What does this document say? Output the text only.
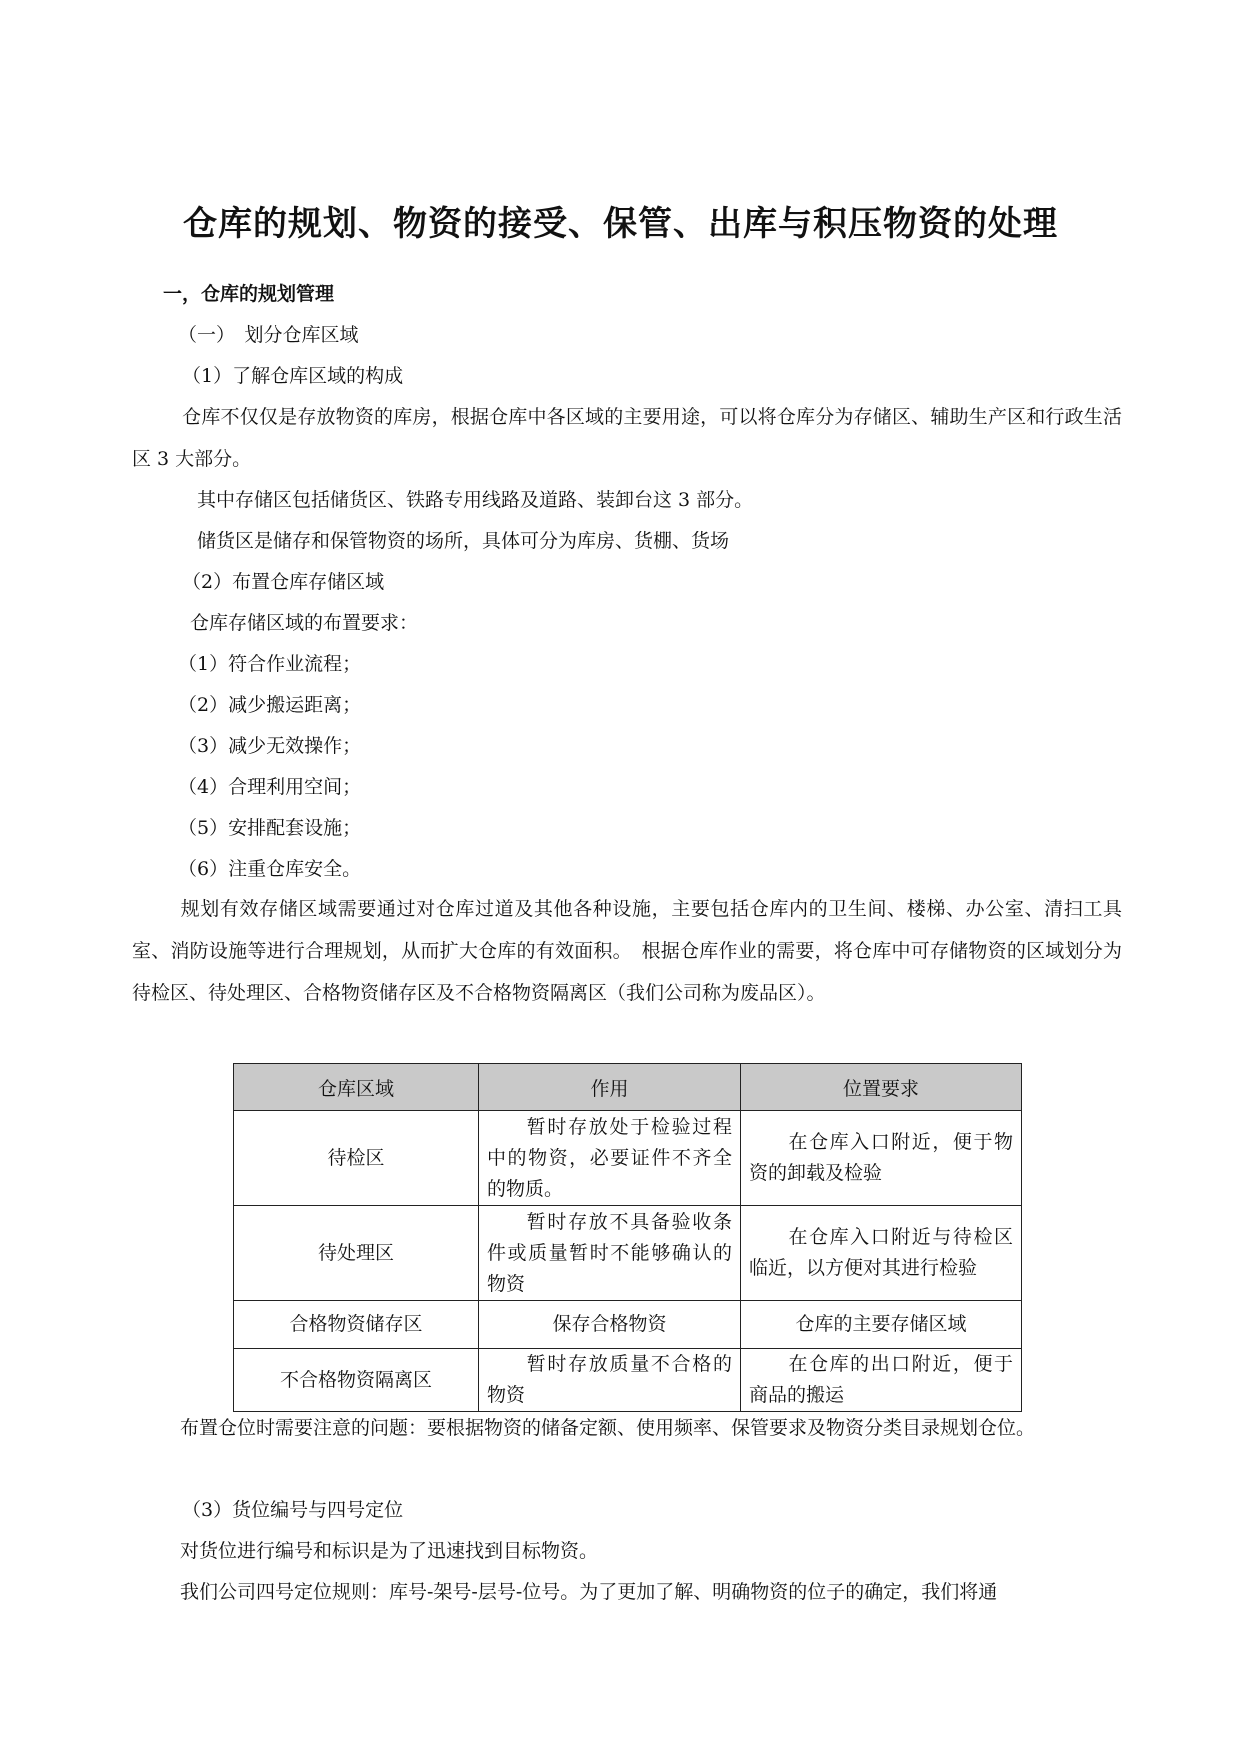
仓库的规划、物资的接受、保管、出库与积压物资的处理
一，仓库的规划管理
（一）　划分仓库区域
（1）了解仓库区域的构成
仓库不仅仅是存放物资的库房，根据仓库中各区域的主要用途，可以将仓库分为存储区、辅助生产区和行政生活区 3 大部分。
其中存储区包括储货区、铁路专用线路及道路、装卸台这 3 部分。
储货区是储存和保管物资的场所，具体可分为库房、货棚、货场
（2）布置仓库存储区域
仓库存储区域的布置要求：
（1）符合作业流程；
（2）减少搬运距离；
（3）减少无效操作；
（4）合理利用空间；
（5）安排配套设施；
（6）注重仓库安全。
规划有效存储区域需要通过对仓库过道及其他各种设施，主要包括仓库内的卫生间、楼梯、办公室、清扫工具室、消防设施等进行合理规划，从而扩大仓库的有效面积。　根据仓库作业的需要，将仓库中可存储物资的区域划分为待检区、待处理区、合格物资储存区及不合格物资隔离区（我们公司称为废品区）。
仓库区域	作用	位置要求
待检区	暂时存放处于检验过程中的物资，必要证件不齐全的物质。	在仓库入口附近，便于物资的卸载及检验
待处理区	暂时存放不具备验收条件或质量暂时不能够确认的物资	在仓库入口附近与待检区临近，以方便对其进行检验
合格物资储存区	保存合格物资	仓库的主要存储区域
不合格物资隔离区	暂时存放质量不合格的物资	在仓库的出口附近，便于商品的搬运
布置仓位时需要注意的问题：要根据物资的储备定额、使用频率、保管要求及物资分类目录规划仓位。
（3）货位编号与四号定位
对货位进行编号和标识是为了迅速找到目标物资。
我们公司四号定位规则：库号-架号-层号-位号。为了更加了解、明确物资的位子的确定，我们将通
